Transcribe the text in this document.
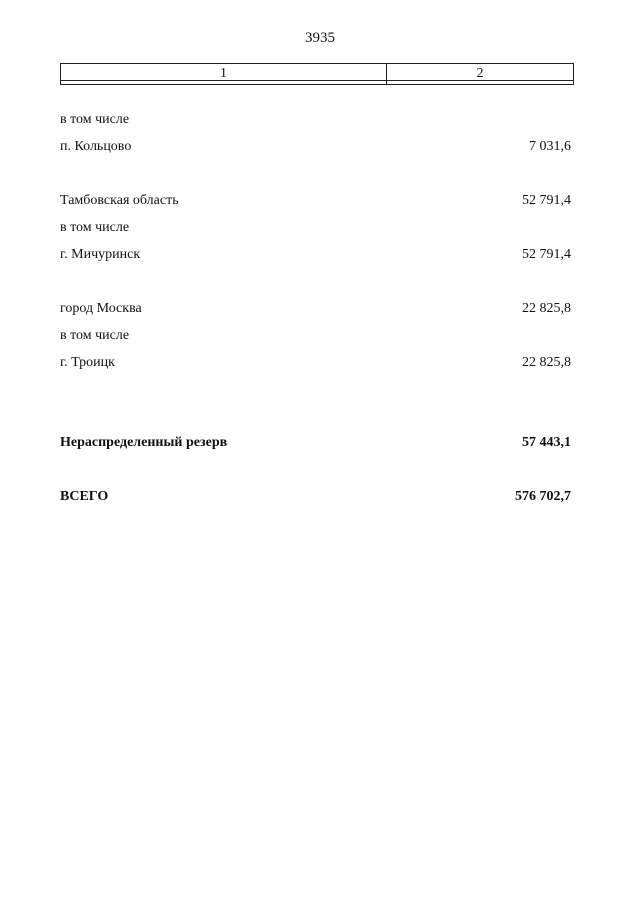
3935
1	2
в том числе
п. Кольцово	7 031,6
Тамбовская область	52 791,4
в том числе
г. Мичуринск	52 791,4
город Москва	22 825,8
в том числе
г. Троицк	22 825,8
Нераспределенный резерв	57 443,1
ВСЕГО	576 702,7
